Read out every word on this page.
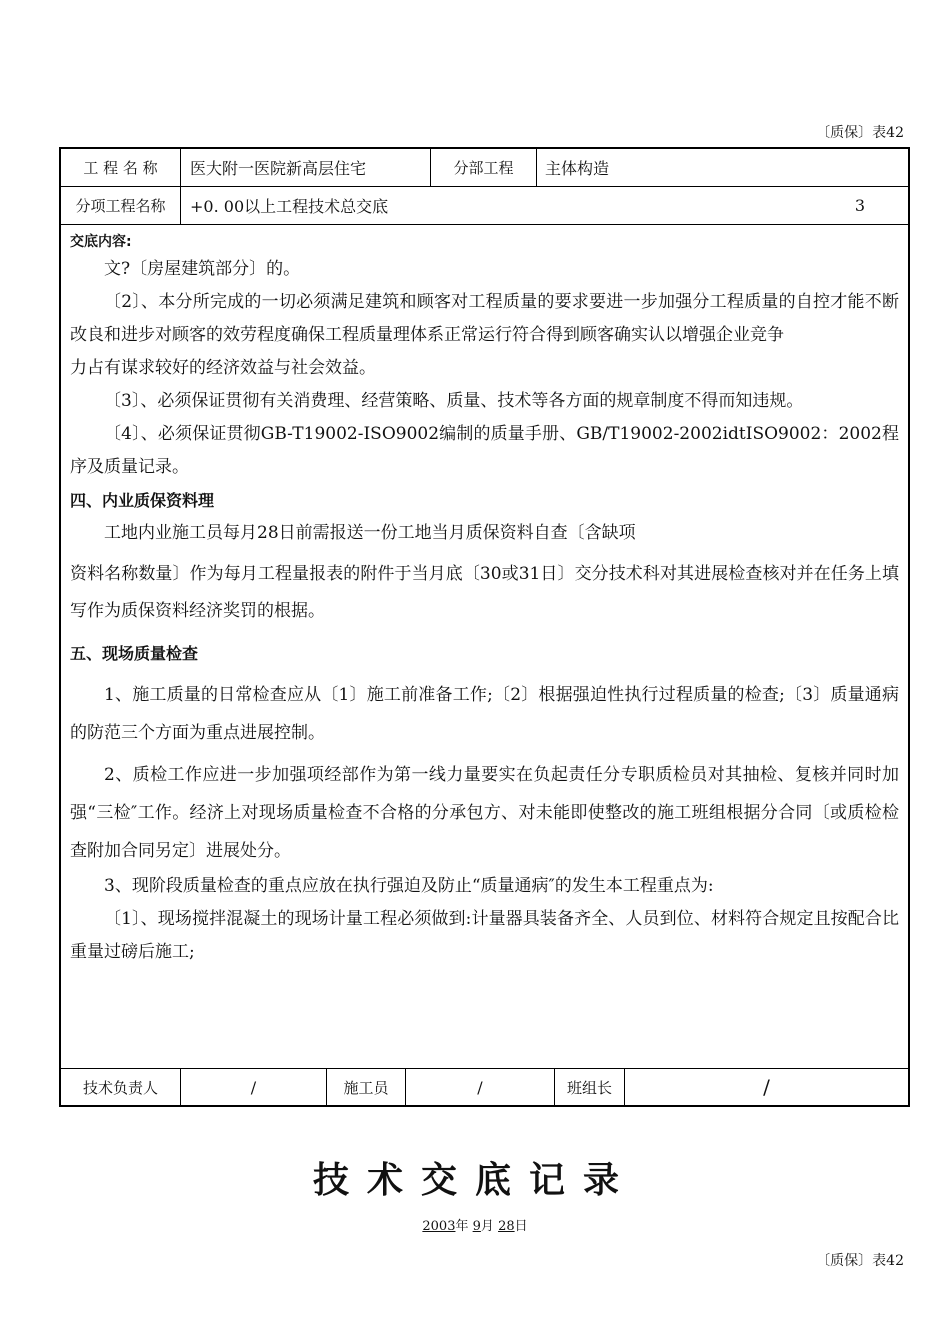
〔质保〕表42
工 程 名 称	医大附一医院新高层住宅	分部工程	主体构造
分项工程名称	+0. 00以上工程技术总交底	3

交底内容:

文?〔房屋建筑部分〕的。

〔2〕、本分所完成的一切必须满足建筑和顾客对工程质量的要求要进一步加强分工程质量的自控才能不断改良和进步对顾客的效劳程度确保工程质量理体系正常运行符合得到顾客确实认以增强企业竞争

力占有谋求较好的经济效益与社会效益。

〔3〕、必须保证贯彻有关消费理、经营策略、质量、技术等各方面的规章制度不得而知违规。

〔4〕、必须保证贯彻GB-T19002-ISO9002编制的质量手册、GB/T19002-2002idtISO9002：2002程序及质量记录。

四、内业质保资料理

工地内业施工员每月28日前需报送一份工地当月质保资料自查〔含缺项

资料名称数量〕作为每月工程量报表的附件于当月底〔30或31日〕交分技术科对其进展检查核对并在任务上填写作为质保资料经济奖罚的根据。

五、现场质量检查

1、施工质量的日常检查应从〔1〕施工前准备工作;〔2〕根据强迫性执行过程质量的检查;〔3〕质量通病的防范三个方面为重点进展控制。

2、质检工作应进一步加强项经部作为第一线力量要实在负起责任分专职质检员对其抽检、复核并同时加强“三检″工作。经济上对现场质量检查不合格的分承包方、对未能即使整改的施工班组根据分合同〔或质检检查附加合同另定〕进展处分。

3、现阶段质量检查的重点应放在执行强迫及防止“质量通病″的发生本工程重点为:

〔1〕、现场搅拌混凝土的现场计量工程必须做到:计量器具装备齐全、人员到位、材料符合规定且按配合比重量过磅后施工;

技术负责人	/	施工员	/	班组长	/
技术交底记录
2003年 9月 28日
〔质保〕表42
